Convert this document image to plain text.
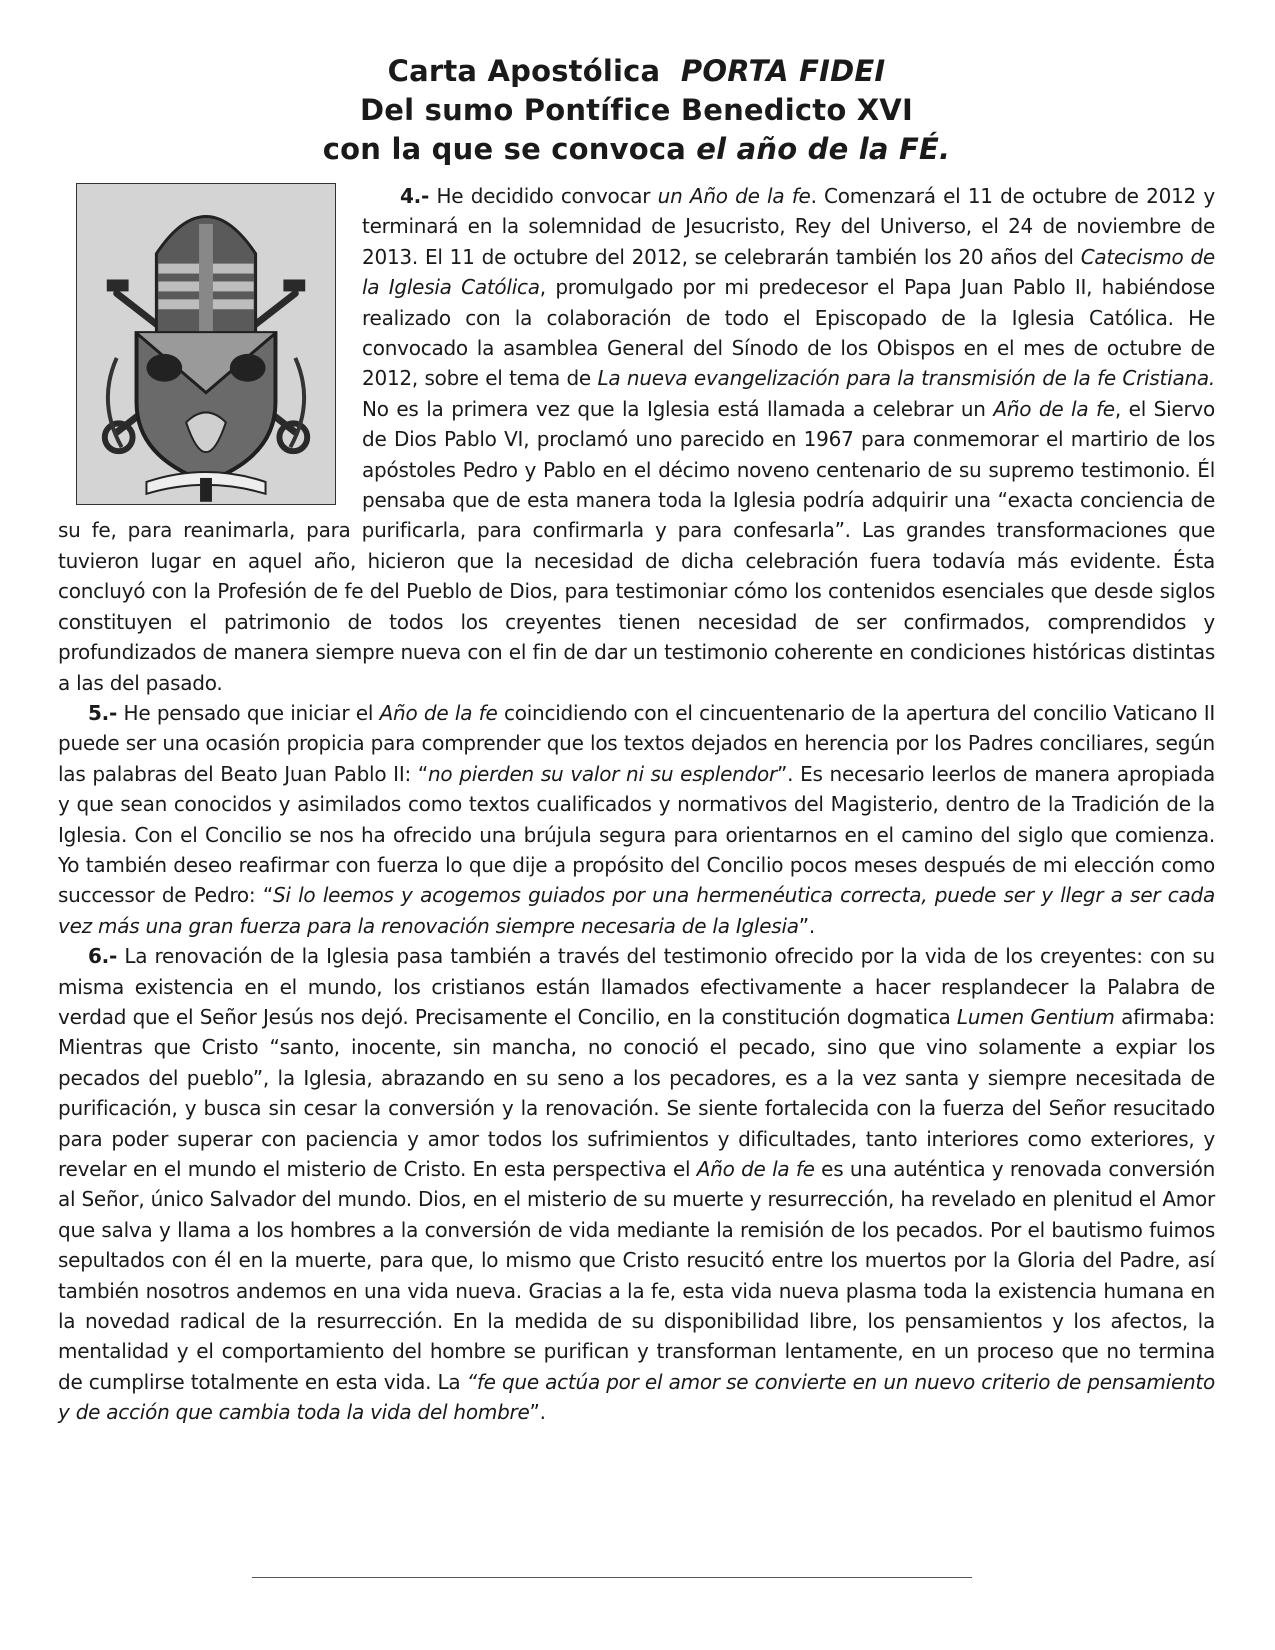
Carta Apostólica PORTA FIDEI
Del sumo Pontífice Benedicto XVI
con la que se convoca el año de la FÉ.

4.- He decidido convocar un Año de la fe. Comenzará el 11 de octubre de 2012 y terminará en la solemnidad de Jesucristo, Rey del Universo, el 24 de noviembre de 2013. El 11 de octubre del 2012, se celebrarán también los 20 años del Catecismo de la Iglesia Católica, promulgado por mi predecesor el Papa Juan Pablo II, habiéndose realizado con la colaboración de todo el Episcopado de la Iglesia Católica. He convocado la asamblea General del Sínodo de los Obispos en el mes de octubre de 2012, sobre el tema de La nueva evangelización para la transmisión de la fe Cristiana. No es la primera vez que la Iglesia está llamada a celebrar un Año de la fe, el Siervo de Dios Pablo VI, proclamó uno parecido en 1967 para conmemorar el martirio de los apóstoles Pedro y Pablo en el décimo noveno centenario de su supremo testimonio. Él pensaba que de esta manera toda la Iglesia podría adquirir una “exacta conciencia de su fe, para reanimarla, para purificarla, para confirmarla y para confesarla”. Las grandes transformaciones que tuvieron lugar en aquel año, hicieron que la necesidad de dicha celebración fuera todavía más evidente. Ésta concluyó con la Profesión de fe del Pueblo de Dios, para testimoniar cómo los contenidos esenciales que desde siglos constituyen el patrimonio de todos los creyentes tienen necesidad de ser confirmados, comprendidos y profundizados de manera siempre nueva con el fin de dar un testimonio coherente en condiciones históricas distintas a las del pasado.

5.- He pensado que iniciar el Año de la fe coincidiendo con el cincuentenario de la apertura del concilio Vaticano II puede ser una ocasión propicia para comprender que los textos dejados en herencia por los Padres conciliares, según las palabras del Beato Juan Pablo II: “no pierden su valor ni su esplendor”. Es necesario leerlos de manera apropiada y que sean conocidos y asimilados como textos cualificados y normativos del Magisterio, dentro de la Tradición de la Iglesia. Con el Concilio se nos ha ofrecido una brújula segura para orientarnos en el camino del siglo que comienza. Yo también deseo reafirmar con fuerza lo que dije a propósito del Concilio pocos meses después de mi elección como successor de Pedro: “Si lo leemos y acogemos guiados por una hermenéutica correcta, puede ser y llegr a ser cada vez más una gran fuerza para la renovación siempre necesaria de la Iglesia”.

6.- La renovación de la Iglesia pasa también a través del testimonio ofrecido por la vida de los creyentes: con su misma existencia en el mundo, los cristianos están llamados efectivamente a hacer resplandecer la Palabra de verdad que el Señor Jesús nos dejó. Precisamente el Concilio, en la constitución dogmatica Lumen Gentium afirmaba: Mientras que Cristo “santo, inocente, sin mancha, no conoció el pecado, sino que vino solamente a expiar los pecados del pueblo”, la Iglesia, abrazando en su seno a los pecadores, es a la vez santa y siempre necesitada de purificación, y busca sin cesar la conversión y la renovación. Se siente fortalecida con la fuerza del Señor resucitado para poder superar con paciencia y amor todos los sufrimientos y dificultades, tanto interiores como exteriores, y revelar en el mundo el misterio de Cristo. En esta perspectiva el Año de la fe es una auténtica y renovada conversión al Señor, único Salvador del mundo. Dios, en el misterio de su muerte y resurrección, ha revelado en plenitud el Amor que salva y llama a los hombres a la conversión de vida mediante la remisión de los pecados. Por el bautismo fuimos sepultados con él en la muerte, para que, lo mismo que Cristo resucitó entre los muertos por la Gloria del Padre, así también nosotros andemos en una vida nueva. Gracias a la fe, esta vida nueva plasma toda la existencia humana en la novedad radical de la resurrección. En la medida de su disponibilidad libre, los pensamientos y los afectos, la mentalidad y el comportamiento del hombre se purifican y transforman lentamente, en un proceso que no termina de cumplirse totalmente en esta vida. La “fe que actúa por el amor se convierte en un nuevo criterio de pensamiento y de acción que cambia toda la vida del hombre”.
